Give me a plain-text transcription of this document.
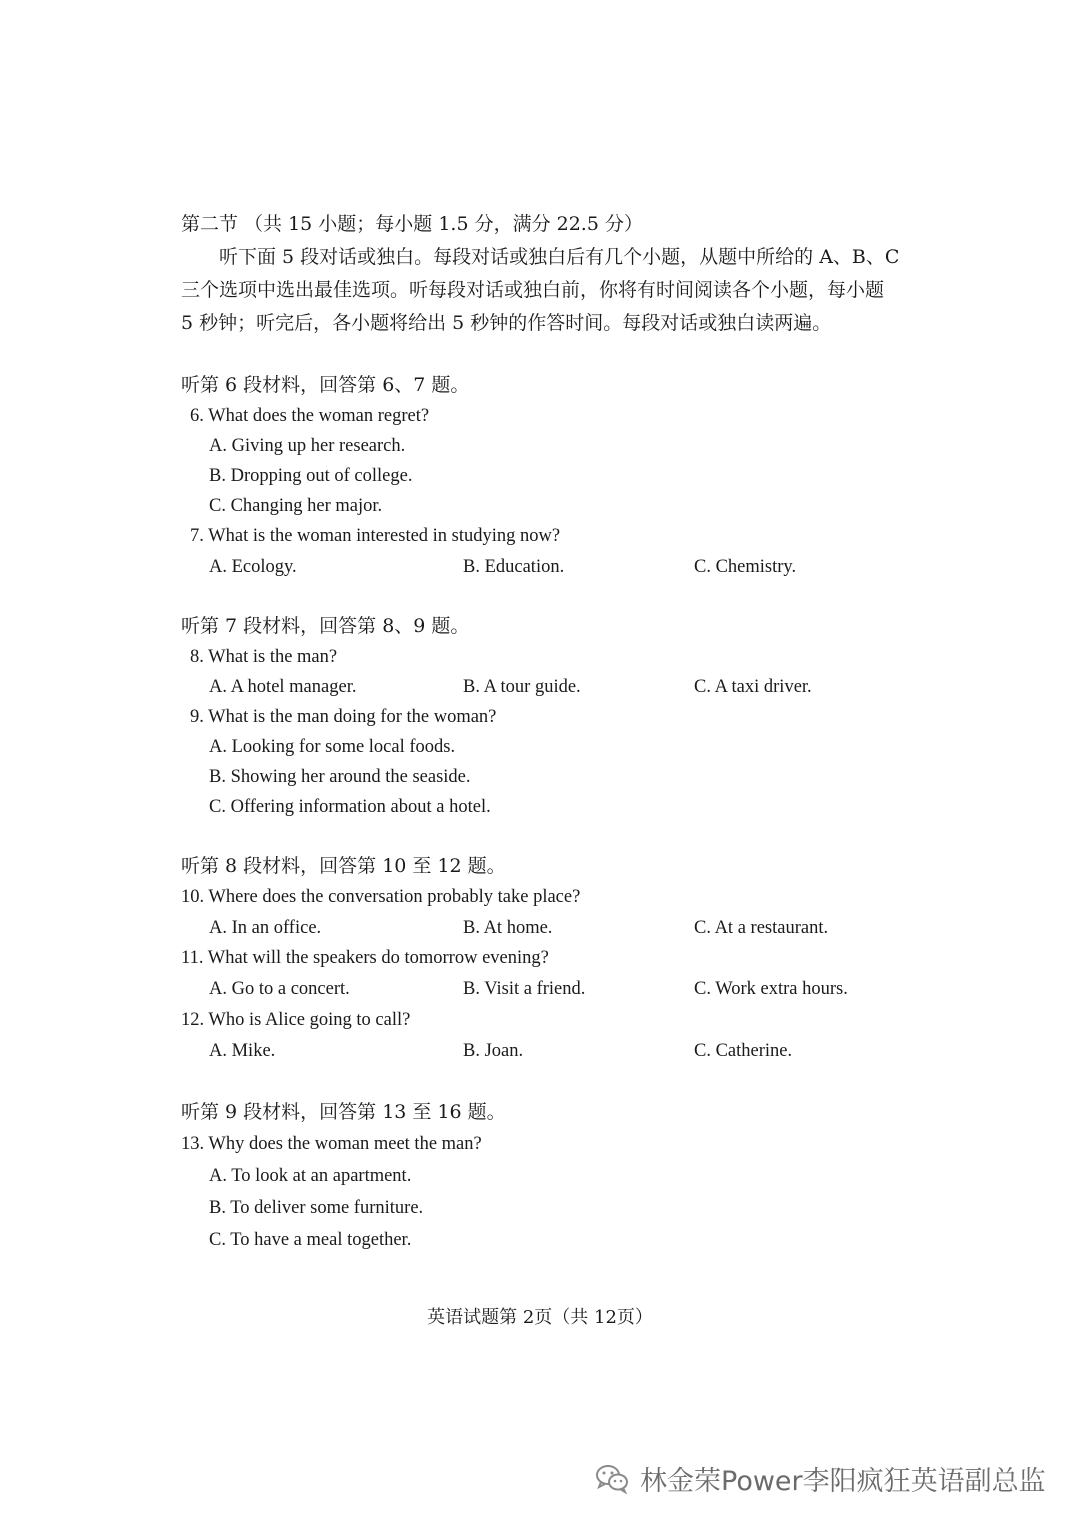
第二节 （共 15 小题；每小题 1.5 分，满分 22.5 分）
听下面 5 段对话或独白。每段对话或独白后有几个小题，从题中所给的 A、B、C 三个选项中选出最佳选项。听每段对话或独白前，你将有时间阅读各个小题，每小题 5 秒钟；听完后，各小题将给出 5 秒钟的作答时间。每段对话或独白读两遍。
听第 6 段材料，回答第 6、7 题。
6. What does the woman regret?
A. Giving up her research.
B. Dropping out of college.
C. Changing her major.
7. What is the woman interested in studying now?
A. Ecology.	B. Education.	C. Chemistry.
听第 7 段材料，回答第 8、9 题。
8. What is the man?
A. A hotel manager.	B. A tour guide.	C. A taxi driver.
9. What is the man doing for the woman?
A. Looking for some local foods.
B. Showing her around the seaside.
C. Offering information about a hotel.
听第 8 段材料，回答第 10 至 12 题。
10. Where does the conversation probably take place?
A. In an office.	B. At home.	C. At a restaurant.
11. What will the speakers do tomorrow evening?
A. Go to a concert.	B. Visit a friend.	C. Work extra hours.
12. Who is Alice going to call?
A. Mike.	B. Joan.	C. Catherine.
听第 9 段材料，回答第 13 至 16 题。
13. Why does the woman meet the man?
A. To look at an apartment.
B. To deliver some furniture.
C. To have a meal together.
英语试题第 2页（共 12页）
林金荣Power李阳疯狂英语副总监
